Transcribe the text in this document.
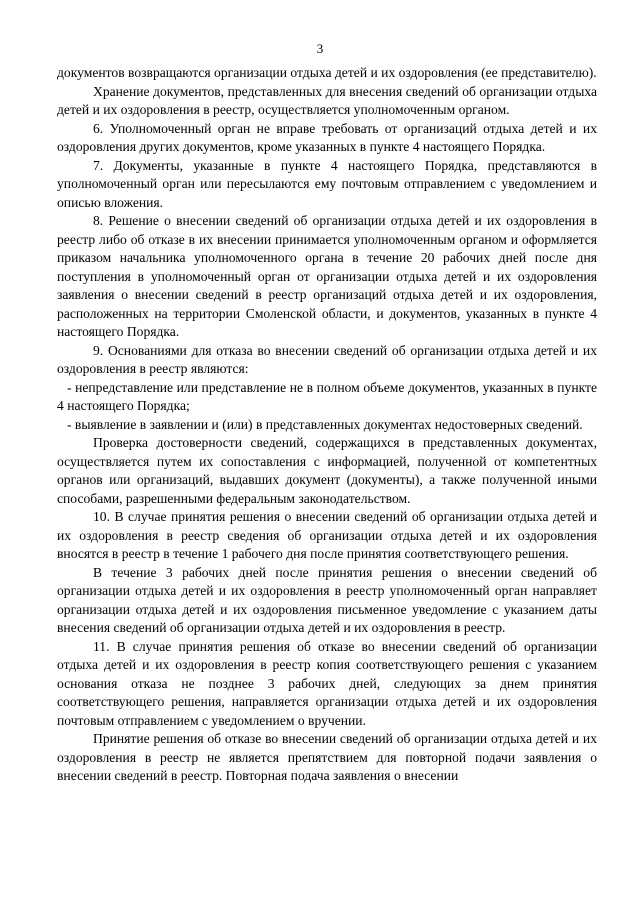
3

документов возвращаются организации отдыха детей и их оздоровления (ее представителю).

Хранение документов, представленных для внесения сведений об организации отдыха детей и их оздоровления в реестр, осуществляется уполномоченным органом.

6. Уполномоченный орган не вправе требовать от организаций отдыха детей и их оздоровления других документов, кроме указанных в пункте 4 настоящего Порядка.

7. Документы, указанные в пункте 4 настоящего Порядка, представляются в уполномоченный орган или пересылаются ему почтовым отправлением с уведомлением и описью вложения.

8. Решение о внесении сведений об организации отдыха детей и их оздоровления в реестр либо об отказе в их внесении принимается уполномоченным органом и оформляется приказом начальника уполномоченного органа в течение 20 рабочих дней после дня поступления в уполномоченный орган от организации отдыха детей и их оздоровления заявления о внесении сведений в реестр организаций отдыха детей и их оздоровления, расположенных на территории Смоленской области, и документов, указанных в пункте 4 настоящего Порядка.

9. Основаниями для отказа во внесении сведений об организации отдыха детей и их оздоровления в реестр являются:

- непредставление или представление не в полном объеме документов, указанных в пункте 4 настоящего Порядка;

- выявление в заявлении и (или) в представленных документах недостоверных сведений.

Проверка достоверности сведений, содержащихся в представленных документах, осуществляется путем их сопоставления с информацией, полученной от компетентных органов или организаций, выдавших документ (документы), а также полученной иными способами, разрешенными федеральным законодательством.

10. В случае принятия решения о внесении сведений об организации отдыха детей и их оздоровления в реестр сведения об организации отдыха детей и их оздоровления вносятся в реестр в течение 1 рабочего дня после принятия соответствующего решения.

В течение 3 рабочих дней после принятия решения о внесении сведений об организации отдыха детей и их оздоровления в реестр уполномоченный орган направляет организации отдыха детей и их оздоровления письменное уведомление с указанием даты внесения сведений об организации отдыха детей и их оздоровления в реестр.

11. В случае принятия решения об отказе во внесении сведений об организации отдыха детей и их оздоровления в реестр копия соответствующего решения с указанием основания отказа не позднее 3 рабочих дней, следующих за днем принятия соответствующего решения, направляется организации отдыха детей и их оздоровления почтовым отправлением с уведомлением о вручении.

Принятие решения об отказе во внесении сведений об организации отдыха детей и их оздоровления в реестр не является препятствием для повторной подачи заявления о внесении сведений в реестр. Повторная подача заявления о внесении
